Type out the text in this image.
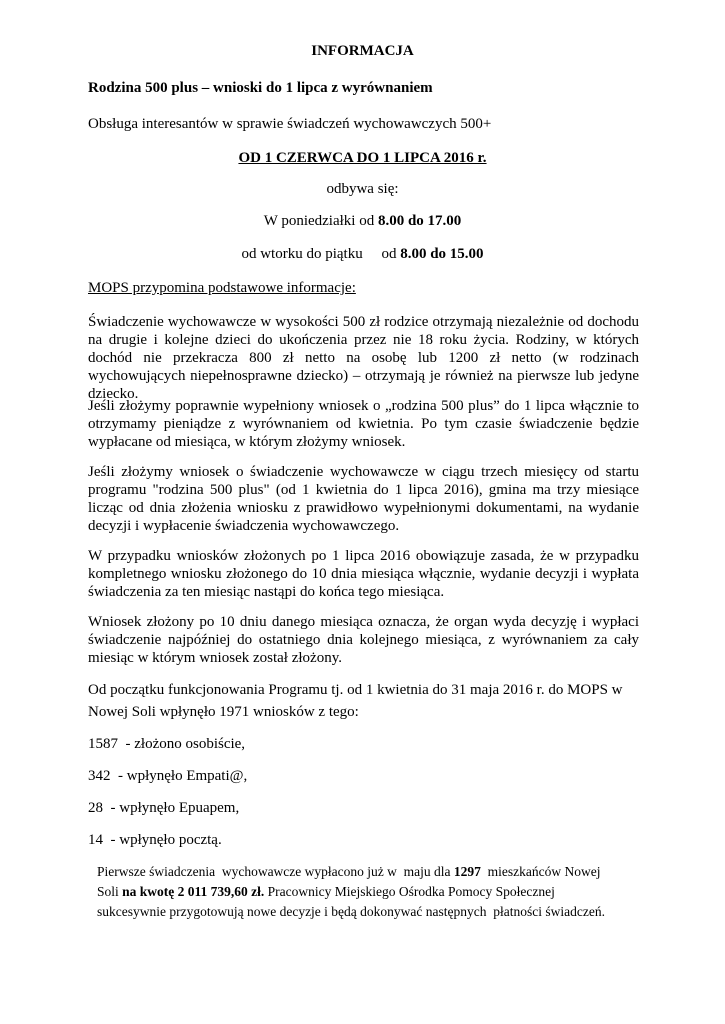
INFORMACJA
Rodzina 500 plus – wnioski do 1 lipca z wyrównaniem
Obsługa interesantów w sprawie świadczeń wychowawczych 500+
OD 1 CZERWCA DO 1 LIPCA 2016 r.
odbywa się:
W poniedziałki od 8.00 do 17.00
od wtorku do piątku     od 8.00 do 15.00
MOPS przypomina podstawowe informacje:
Świadczenie wychowawcze w wysokości 500 zł rodzice otrzymają niezależnie od dochodu na drugie i kolejne dzieci do ukończenia przez nie 18 roku życia. Rodziny, w których dochód nie przekracza 800 zł netto na osobę lub 1200 zł netto (w rodzinach wychowujących niepełnosprawne dziecko) – otrzymają je również na pierwsze lub jedyne dziecko.
Jeśli złożymy poprawnie wypełniony wniosek o „rodzina 500 plus” do 1 lipca włącznie to otrzymamy pieniądze z wyrównaniem od kwietnia. Po tym czasie świadczenie będzie wypłacane od miesiąca, w którym złożymy wniosek.
Jeśli złożymy wniosek o świadczenie wychowawcze w ciągu trzech miesięcy od startu programu "rodzina 500 plus" (od 1 kwietnia do 1 lipca 2016), gmina ma trzy miesiące licząc od dnia złożenia wniosku z prawidłowo wypełnionymi dokumentami, na wydanie decyzji i wypłacenie świadczenia wychowawczego.
W przypadku wniosków złożonych po 1 lipca 2016 obowiązuje zasada, że w przypadku kompletnego wniosku złożonego do 10 dnia miesiąca włącznie, wydanie decyzji i wypłata świadczenia za ten miesiąc nastąpi do końca tego miesiąca.
Wniosek złożony po 10 dniu danego miesiąca oznacza, że organ wyda decyzję i wypłaci świadczenie najpóźniej do ostatniego dnia kolejnego miesiąca, z wyrównaniem za cały miesiąc w którym wniosek został złożony.
Od początku funkcjonowania Programu tj. od 1 kwietnia do 31 maja 2016 r. do MOPS w
Nowej Soli wpłynęło 1971 wniosków z tego:
1587  - złożono osobiście,
342  - wpłynęło Empati@,
28  - wpłynęło Epuapem,
14  - wpłynęło pocztą.
Pierwsze świadczenia  wychowawcze wypłacono już w  maju dla 1297  mieszkańców Nowej
Soli na kwotę 2 011 739,60 zł. Pracownicy Miejskiego Ośrodka Pomocy Społecznej
sukcesywnie przygotowują nowe decyzje i będą dokonywać następnych  płatności świadczeń.
